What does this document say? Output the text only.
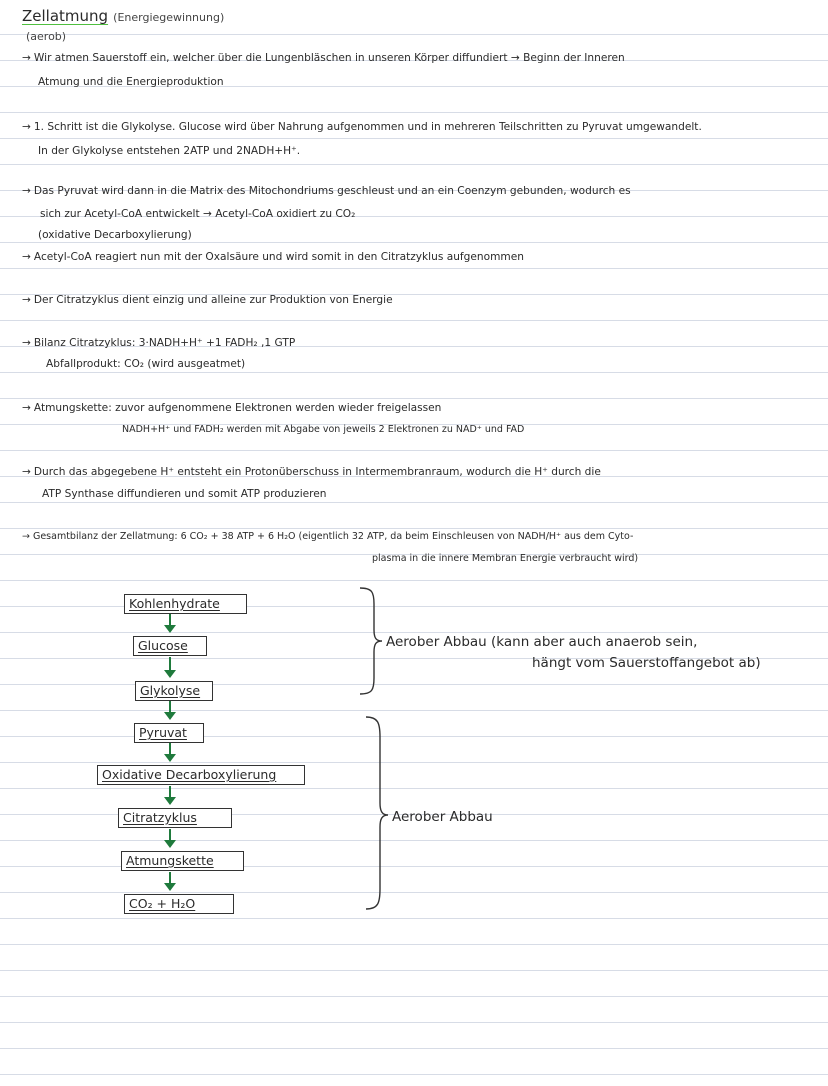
Zellatmung (Energiegewinnung)
(aerob)
→ Wir atmen Sauerstoff ein, welcher über die Lungenbläschen in unseren Körper diffundiert → Beginn der Inneren
Atmung und die Energieproduktion
→ 1. Schritt ist die Glykolyse. Glucose wird über Nahrung aufgenommen und in mehreren Teilschritten zu Pyruvat umgewandelt.
In der Glykolyse entstehen 2ATP und 2NADH+H⁺.
→ Das Pyruvat wird dann in die Matrix des Mitochondriums geschleust und an ein Coenzym gebunden, wodurch es
sich zur Acetyl-CoA entwickelt → Acetyl-CoA oxidiert zu CO₂
(oxidative Decarboxylierung)
→ Acetyl-CoA reagiert nun mit der Oxalsäure und wird somit in den Citratzyklus aufgenommen
→ Der Citratzyklus dient einzig und alleine zur Produktion von Energie
→ Bilanz Citratzyklus: 3·NADH+H⁺ +1 FADH₂ ,1 GTP
Abfallprodukt: CO₂ (wird ausgeatmet)
→ Atmungskette: zuvor aufgenommene Elektronen werden wieder freigelassen
NADH+H⁺ und FADH₂ werden mit Abgabe von jeweils 2 Elektronen zu NAD⁺ und FAD
→ Durch das abgegebene H⁺ entsteht ein Protonüberschuss in Intermembranraum, wodurch die H⁺ durch die
ATP Synthase diffundieren und somit ATP produzieren
→ Gesamtbilanz der Zellatmung: 6 CO₂ + 38 ATP + 6 H₂O (eigentlich 32 ATP, da beim Einschleusen von NADH/H⁺ aus dem Cyto-
plasma in die innere Membran Energie verbraucht wird)
Kohlenhydrate
Glucose
Glykolyse
Pyruvat
Oxidative Decarboxylierung
Citratzyklus
Atmungskette
CO₂ + H₂O
Aerober Abbau (kann aber auch anaerob sein,
hängt vom Sauerstoffangebot ab)
Aerober Abbau
